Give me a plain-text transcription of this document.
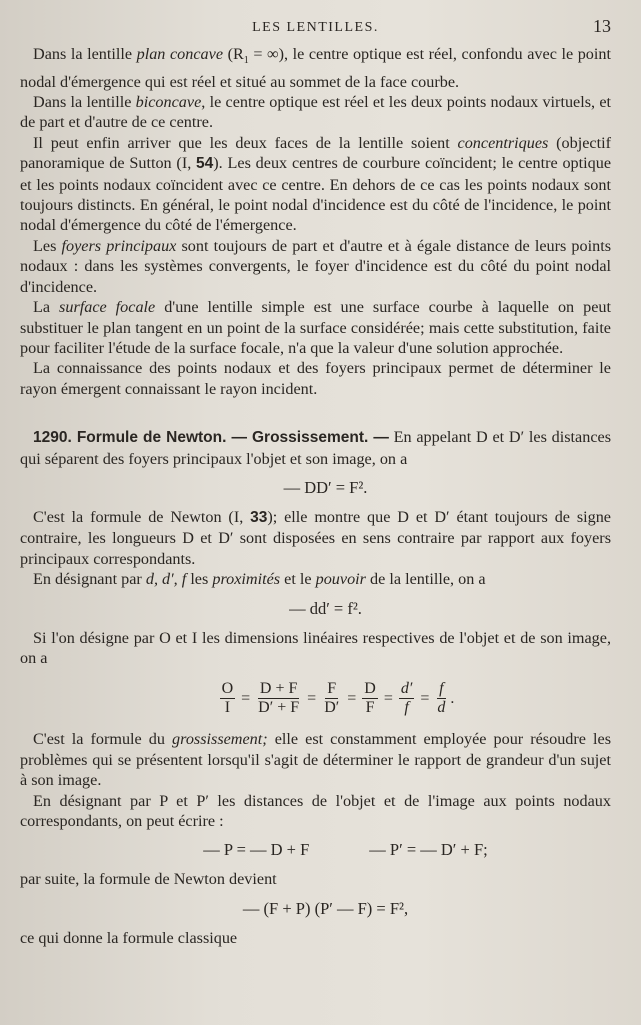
LES LENTILLES.	13

Dans la lentille plan concave ($R_1$ = ∞), le centre optique est réel, confondu avec le point nodal d'émergence qui est réel et situé au sommet de la face courbe.

Dans la lentille biconcave, le centre optique est réel et les deux points nodaux virtuels, et de part et d'autre de ce centre.

Il peut enfin arriver que les deux faces de la lentille soient concentriques (objectif panoramique de Sutton (I, 54). Les deux centres de courbure coïncident; le centre optique et les points nodaux coïncident avec ce centre. En dehors de ce cas les points nodaux sont toujours distincts. En général, le point nodal d'incidence est du côté de l'incidence, le point nodal d'émergence du côté de l'émergence.

Les foyers principaux sont toujours de part et d'autre et à égale distance de leurs points nodaux : dans les systèmes convergents, le foyer d'incidence est du côté du point nodal d'incidence.

La surface focale d'une lentille simple est une surface courbe à laquelle on peut substituer le plan tangent en un point de la surface considérée; mais cette substitution, faite pour faciliter l'étude de la surface focale, n'a que la valeur d'une solution approchée.

La connaissance des points nodaux et des foyers principaux permet de déterminer le rayon émergent connaissant le rayon incident.

1290. Formule de Newton. — Grossissement. — En appelant D et D′ les distances qui séparent des foyers principaux l'objet et son image, on a

— DD′ = F².

C'est la formule de Newton (I, 33); elle montre que D et D′ étant toujours de signe contraire, les longueurs D et D′ sont disposées en sens contraire par rapport aux foyers principaux correspondants.

En désignant par d, d′, f les proximités et le pouvoir de la lentille, on a

— dd′ = f².

Si l'on désigne par O et I les dimensions linéaires respectives de l'objet et de son image, on a

$\frac{O}{I} = \frac{D + F}{D' + F} = \frac{F}{D'} = \frac{D}{F} = \frac{d'}{f} = \frac{f}{d}$ .

C'est la formule du grossissement; elle est constamment employée pour résoudre les problèmes qui se présentent lorsqu'il s'agit de déterminer le rapport de grandeur d'un sujet à son image.

En désignant par P et P′ les distances de l'objet et de l'image aux points nodaux correspondants, on peut écrire :

— P = — D + F	— P′ = — D′ + F;

par suite, la formule de Newton devient

— (F + P) (P′ — F) = F²,

ce qui donne la formule classique
